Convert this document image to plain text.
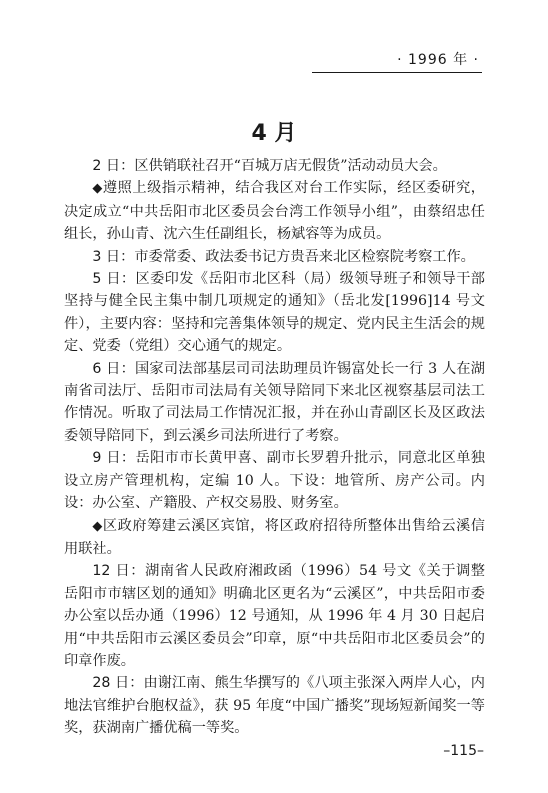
· 1996 年 ·
4 月

2 日：区供销联社召开“百城万店无假货”活动动员大会。

◆遵照上级指示精神，结合我区对台工作实际，经区委研究，决定成立“中共岳阳市北区委员会台湾工作领导小组”，由蔡绍忠任组长，孙山青、沈六生任副组长，杨斌容等为成员。

3 日：市委常委、政法委书记方贵吾来北区检察院考察工作。

5 日：区委印发《岳阳市北区科（局）级领导班子和领导干部坚持与健全民主集中制几项规定的通知》（岳北发[1996]14 号文件），主要内容：坚持和完善集体领导的规定、党内民主生活会的规定、党委（党组）交心通气的规定。

6 日：国家司法部基层司司法助理员许锡富处长一行 3 人在湖南省司法厅、岳阳市司法局有关领导陪同下来北区视察基层司法工作情况。听取了司法局工作情况汇报，并在孙山青副区长及区政法委领导陪同下，到云溪乡司法所进行了考察。

9 日：岳阳市市长黄甲喜、副市长罗碧升批示，同意北区单独设立房产管理机构，定编 10 人。下设：地管所、房产公司。内设：办公室、产籍股、产权交易股、财务室。

◆区政府筹建云溪区宾馆，将区政府招待所整体出售给云溪信用联社。

12 日：湖南省人民政府湘政函（1996）54 号文《关于调整岳阳市市辖区划的通知》明确北区更名为“云溪区”，中共岳阳市委办公室以岳办通（1996）12 号通知，从 1996 年 4 月 30 日起启用“中共岳阳市云溪区委员会”印章，原“中共岳阳市北区委员会”的印章作废。

28 日：由谢江南、熊生华撰写的《八项主张深入两岸人心，内地法官维护台胞权益》，获 95 年度“中国广播奖”现场短新闻奖一等奖，获湖南广播优稿一等奖。

–115–
